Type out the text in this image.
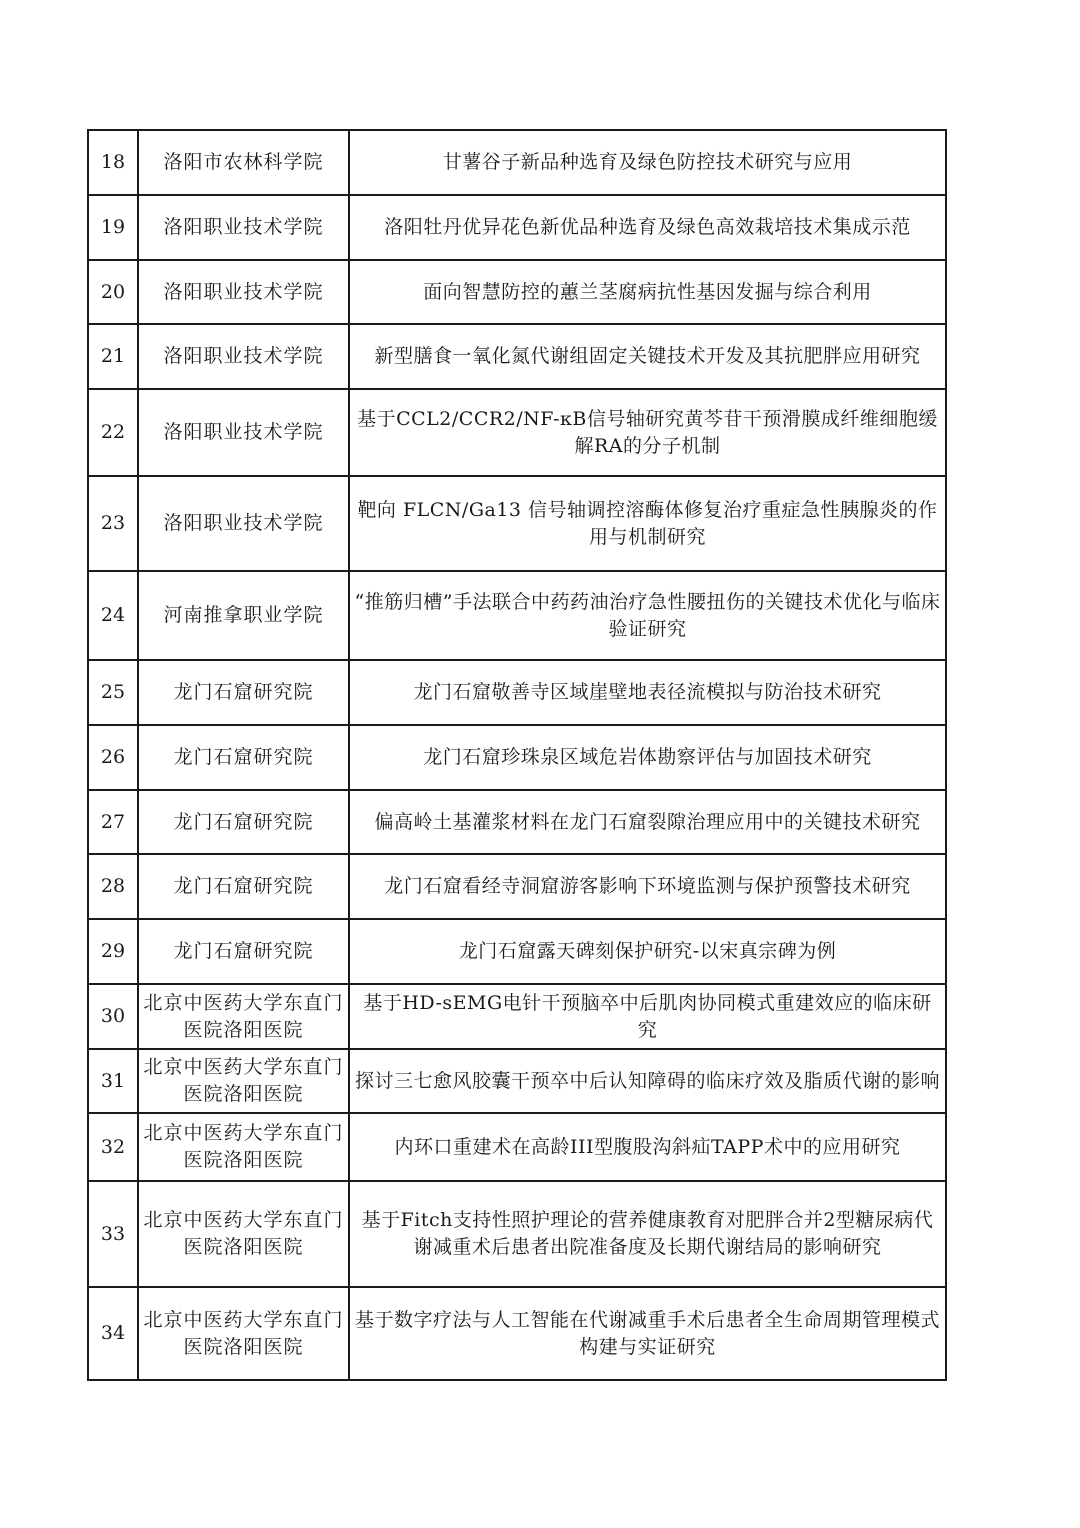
18	洛阳市农林科学院	甘薯谷子新品种选育及绿色防控技术研究与应用
19	洛阳职业技术学院	洛阳牡丹优异花色新优品种选育及绿色高效栽培技术集成示范
20	洛阳职业技术学院	面向智慧防控的蕙兰茎腐病抗性基因发掘与综合利用
21	洛阳职业技术学院	新型膳食一氧化氮代谢组固定关键技术开发及其抗肥胖应用研究
22	洛阳职业技术学院	基于CCL2/CCR2/NF-κB信号轴研究黄芩苷干预滑膜成纤维细胞缓解RA的分子机制
23	洛阳职业技术学院	靶向 FLCN/Ga13 信号轴调控溶酶体修复治疗重症急性胰腺炎的作用与机制研究
24	河南推拿职业学院	“推筋归槽”手法联合中药药油治疗急性腰扭伤的关键技术优化与临床验证研究
25	龙门石窟研究院	龙门石窟敬善寺区域崖壁地表径流模拟与防治技术研究
26	龙门石窟研究院	龙门石窟珍珠泉区域危岩体勘察评估与加固技术研究
27	龙门石窟研究院	偏高岭土基灌浆材料在龙门石窟裂隙治理应用中的关键技术研究
28	龙门石窟研究院	龙门石窟看经寺洞窟游客影响下环境监测与保护预警技术研究
29	龙门石窟研究院	龙门石窟露天碑刻保护研究-以宋真宗碑为例
30	北京中医药大学东直门医院洛阳医院	基于HD-sEMG电针干预脑卒中后肌肉协同模式重建效应的临床研究
31	北京中医药大学东直门医院洛阳医院	探讨三七愈风胶囊干预卒中后认知障碍的临床疗效及脂质代谢的影响
32	北京中医药大学东直门医院洛阳医院	内环口重建术在高龄III型腹股沟斜疝TAPP术中的应用研究
33	北京中医药大学东直门医院洛阳医院	基于Fitch支持性照护理论的营养健康教育对肥胖合并2型糖尿病代谢减重术后患者出院准备度及长期代谢结局的影响研究
34	北京中医药大学东直门医院洛阳医院	基于数字疗法与人工智能在代谢减重手术后患者全生命周期管理模式构建与实证研究
